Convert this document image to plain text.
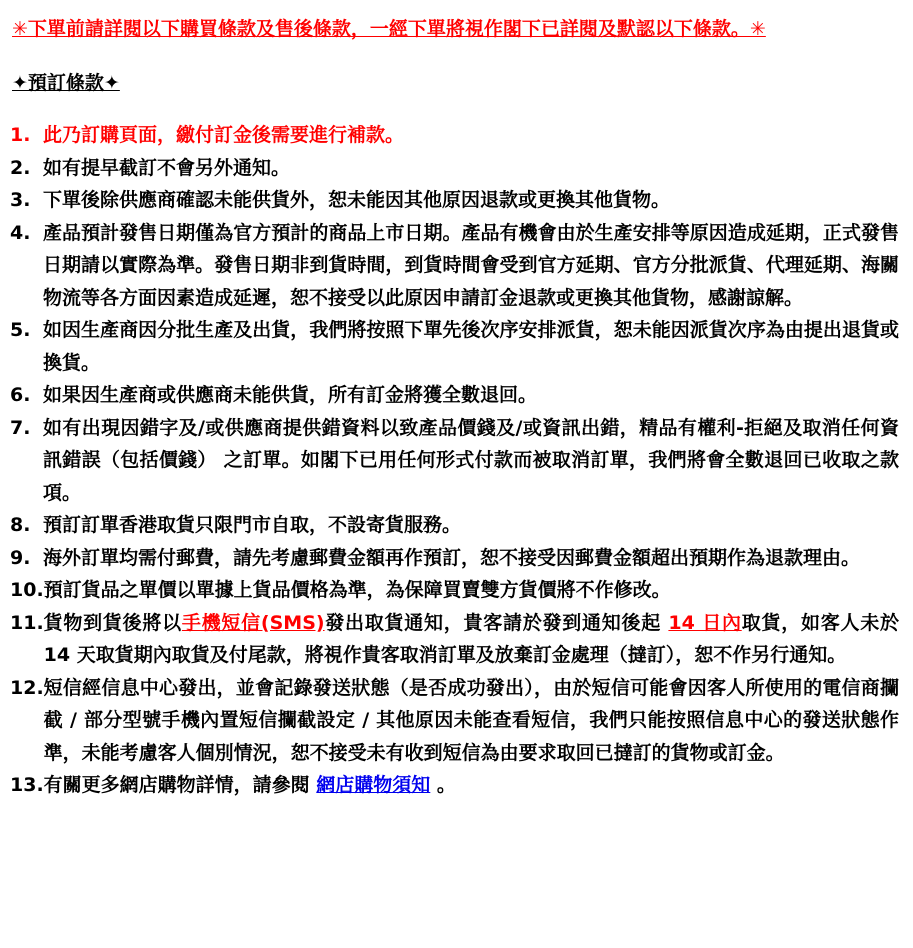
✳下單前請詳閱以下購買條款及售後條款，一經下單將視作閣下已詳閱及默認以下條款。✳
✦預訂條款✦
1. 此乃訂購頁面，繳付訂金後需要進行補款。
2. 如有提早截訂不會另外通知。
3. 下單後除供應商確認未能供貨外，恕未能因其他原因退款或更換其他貨物。
4. 產品預計發售日期僅為官方預計的商品上市日期。產品有機會由於生產安排等原因造成延期，正式發售日期請以實際為準。發售日期非到貨時間，到貨時間會受到官方延期、官方分批派貨、代理延期、海關物流等各方面因素造成延遲，恕不接受以此原因申請訂金退款或更換其他貨物，感謝諒解。
5. 如因生產商因分批生產及出貨，我們將按照下單先後次序安排派貨，恕未能因派貨次序為由提出退貨或換貨。
6. 如果因生產商或供應商未能供貨，所有訂金將獲全數退回。
7. 如有出現因錯字及/或供應商提供錯資料以致產品價錢及/或資訊出錯，精品有權利-拒絕及取消任何資訊錯誤（包括價錢） 之訂單。如閣下已用任何形式付款而被取消訂單，我們將會全數退回已收取之款項。
8. 預訂訂單香港取貨只限門市自取，不設寄貨服務。
9. 海外訂單均需付郵費，請先考慮郵費金額再作預訂，恕不接受因郵費金額超出預期作為退款理由。
10. 預訂貨品之單價以單據上貨品價格為準，為保障買賣雙方貨價將不作修改。
11. 貨物到貨後將以手機短信(SMS)發出取貨通知，貴客請於發到通知後起 14 日內取貨，如客人未於 14 天取貨期內取貨及付尾款，將視作貴客取消訂單及放棄訂金處理（撻訂），恕不作另行通知。
12. 短信經信息中心發出，並會記錄發送狀態（是否成功發出），由於短信可能會因客人所使用的電信商攔截 / 部分型號手機內置短信攔截設定 / 其他原因未能查看短信，我們只能按照信息中心的發送狀態作準，未能考慮客人個別情況，恕不接受未有收到短信為由要求取回已撻訂的貨物或訂金。
13. 有關更多網店購物詳情，請參閱 網店購物須知 。
